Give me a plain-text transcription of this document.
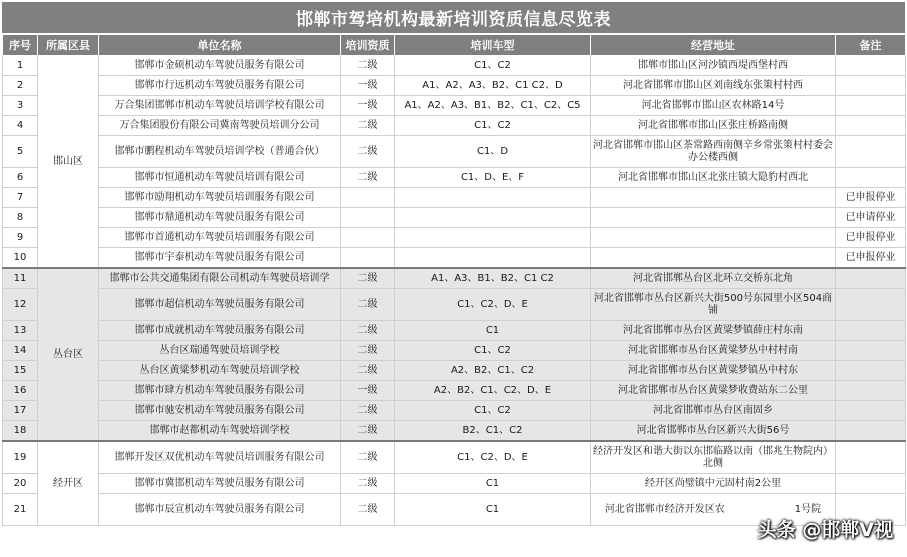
邯郸市驾培机构最新培训资质信息尽览表
序号	所属区县	单位名称	培训资质	培训车型	经营地址	备注
1	邯山区	邯郸市金硕机动车驾驶员服务有限公司	二级	C1、C2	邯郸市邯山区河沙镇西堤西堡村西	
2		邯郸市行远机动车驾驶员服务有限公司	一级	A1、A2、A3、B2、C1 C2、D	河北省邯郸市邯山区刘南线东张策村村西	
3		万合集团邯郸市机动车驾驶员培训学校有限公司	一级	A1、A2、A3、B1、B2、C1、C2、C5	河北省邯郸市邯山区农林路14号	
4		万合集团股份有限公司冀南驾驶员培训分公司	二级	C1、C2	河北省邯郸市邯山区张庄桥路南侧	
5		邯郸市鹏程机动车驾驶员培训学校（普通合伙）	二级	C1、D	河北省邯郸市邯山区茶常路西南侧辛乡常张策村村委会办公楼西侧	
6		邯郸市恒通机动车驾驶员培训有限公司	二级	C1、D、E、F	河北省邯郸市邯山区北张庄镇大隐豹村西北	
7		邯郸市励翔机动车驾驶员培训服务有限公司				已申报停业
8		邯郸市鼎通机动车驾驶员服务有限公司				已申请停业
9		邯郸市首通机动车驾驶员培训服务有限公司				已申报停业
10		邯郸市宇泰机动车驾驶员服务有限公司				已申报停业
11	丛台区	邯郸市公共交通集团有限公司机动车驾驶员培训学	二级	A1、A3、B1、B2、C1 C2	河北省邯郸丛台区北环立交桥东北角	
12		邯郸市超信机动车驾驶员服务有限公司	二级	C1、C2、D、E	河北省邯郸市丛台区新兴大街500号东园里小区504商铺	
13		邯郸市成就机动车驾驶员服务有限公司	二级	C1	河北省邯郸市丛台区黄粱梦镇薛庄村东南	
14		丛台区瑞通驾驶员培训学校	二级	C1、C2	河北省邯郸市丛台区黄粱梦丛中村村南	
15		丛台区黄粱梦机动车驾驶员培训学校	二级	A2、B2、C1、C2	河北省邯郸市丛台区黄粱梦镇丛中村东	
16		邯郸市肆方机动车驾驶员服务有限公司	一级	A2、B2、C1、C2、D、E	河北省邯郸市丛台区黄粱梦收费站东二公里	
17		邯郸市驰安机动车驾驶员服务有限公司	二级	C1、C2	河北省邯郸市丛台区南固乡	
18		邯郸市赵都机动车驾驶培训学校	二级	B2、C1、C2	河北省邯郸市丛台区新兴大街56号	
19	经开区	邯郸开发区双优机动车驾驶员培训服务有限公司	二级	C1、C2、D、E	经济开发区和谐大街以东邯临路以南（邯兆生物院内）北侧	
20		邯郸市冀邯机动车驾驶员服务有限公司	二级	C1	经开区尚璧镇中元固村南2公里	
21		邯郸市辰宣机动车驾驶员服务有限公司	二级	C1	河北省邯郸市经济开发区农　　　　　　　1号院	
头条 @邯郸V视
